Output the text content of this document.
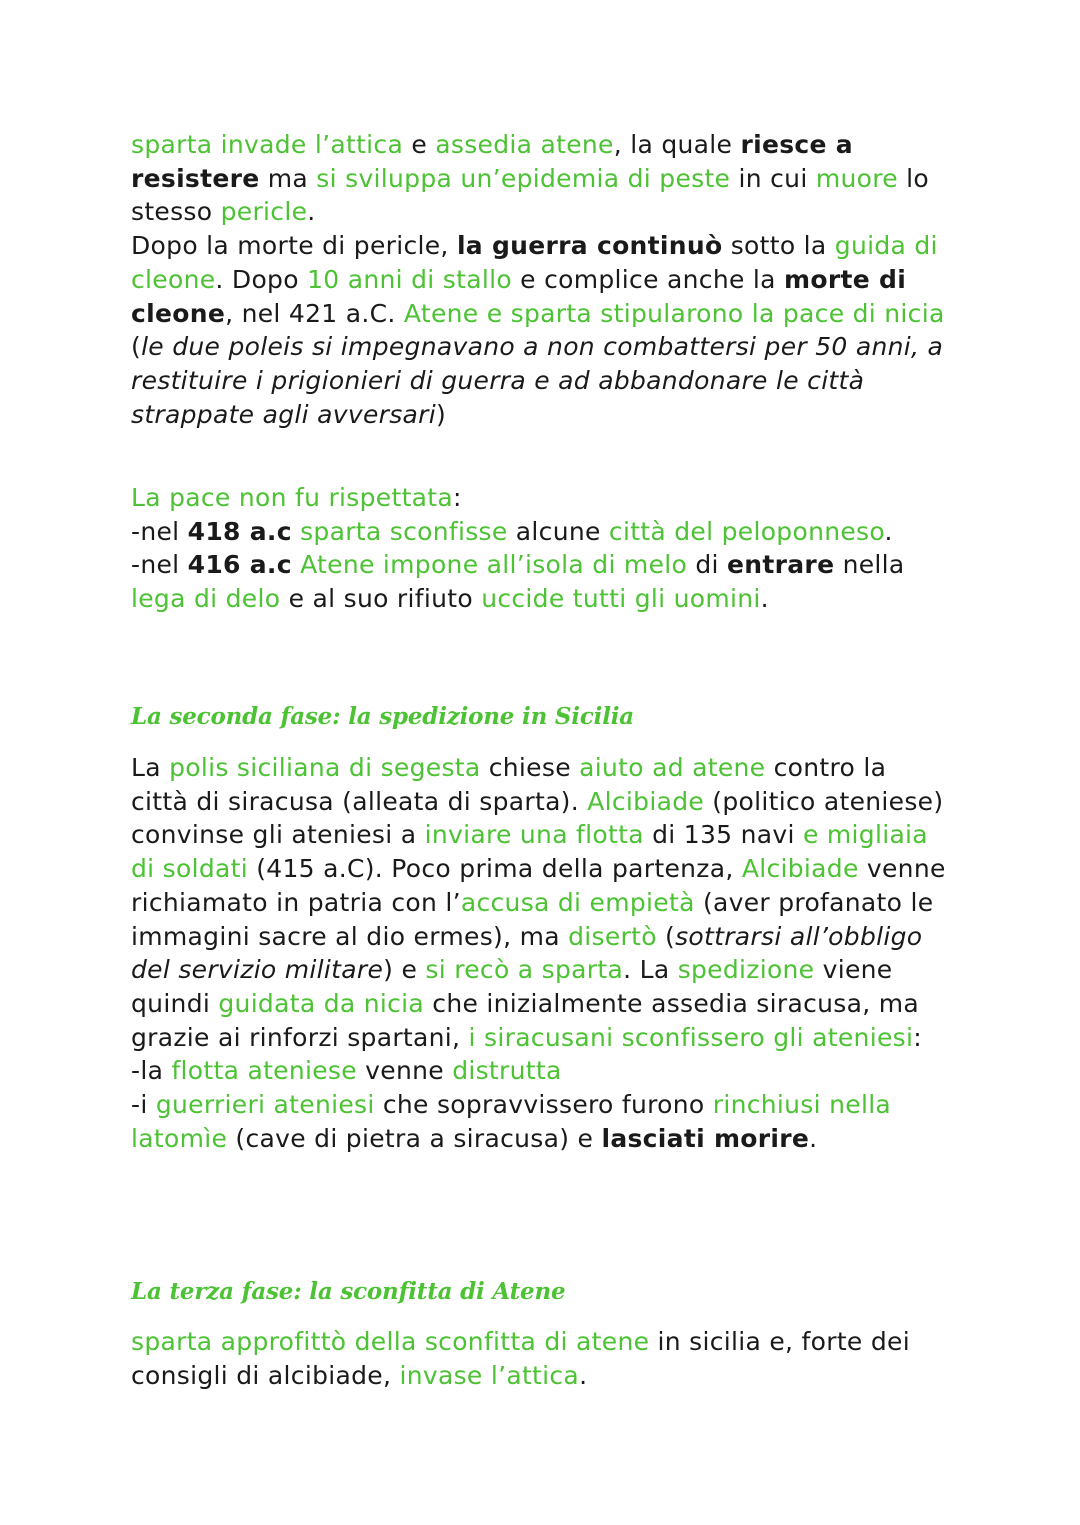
sparta invade l’attica e assedia atene, la quale riesce a resistere ma si sviluppa un’epidemia di peste in cui muore lo stesso pericle.

Dopo la morte di pericle, la guerra continuò sotto la guida di cleone. Dopo 10 anni di stallo e complice anche la morte di cleone, nel 421 a.C. Atene e sparta stipularono la pace di nicia (le due poleis si impegnavano a non combattersi per 50 anni, a restituire i prigionieri di guerra e ad abbandonare le città strappate agli avversari)

La pace non fu rispettata:

-nel 418 a.c sparta sconfisse alcune città del peloponneso.

-nel 416 a.c Atene impone all’isola di melo di entrare nella lega di delo e al suo rifiuto uccide tutti gli uomini.

La seconda fase: la spedizione in Sicilia

La polis siciliana di segesta chiese aiuto ad atene contro la città di siracusa (alleata di sparta). Alcibiade (politico ateniese) convinse gli ateniesi a inviare una flotta di 135 navi e migliaia di soldati (415 a.C). Poco prima della partenza, Alcibiade venne richiamato in patria con l’accusa di empietà (aver profanato le immagini sacre al dio ermes), ma disertò (sottrarsi all’obbligo del servizio militare) e si recò a sparta. La spedizione viene quindi guidata da nicia che inizialmente assedia siracusa, ma grazie ai rinforzi spartani, i siracusani sconfissero gli ateniesi:

-la flotta ateniese venne distrutta

-i guerrieri ateniesi che sopravvissero furono rinchiusi nella latomìe (cave di pietra a siracusa) e lasciati morire.

La terza fase: la sconfitta di Atene

sparta approfittò della sconfitta di atene in sicilia e, forte dei consigli di alcibiade, invase l’attica.
